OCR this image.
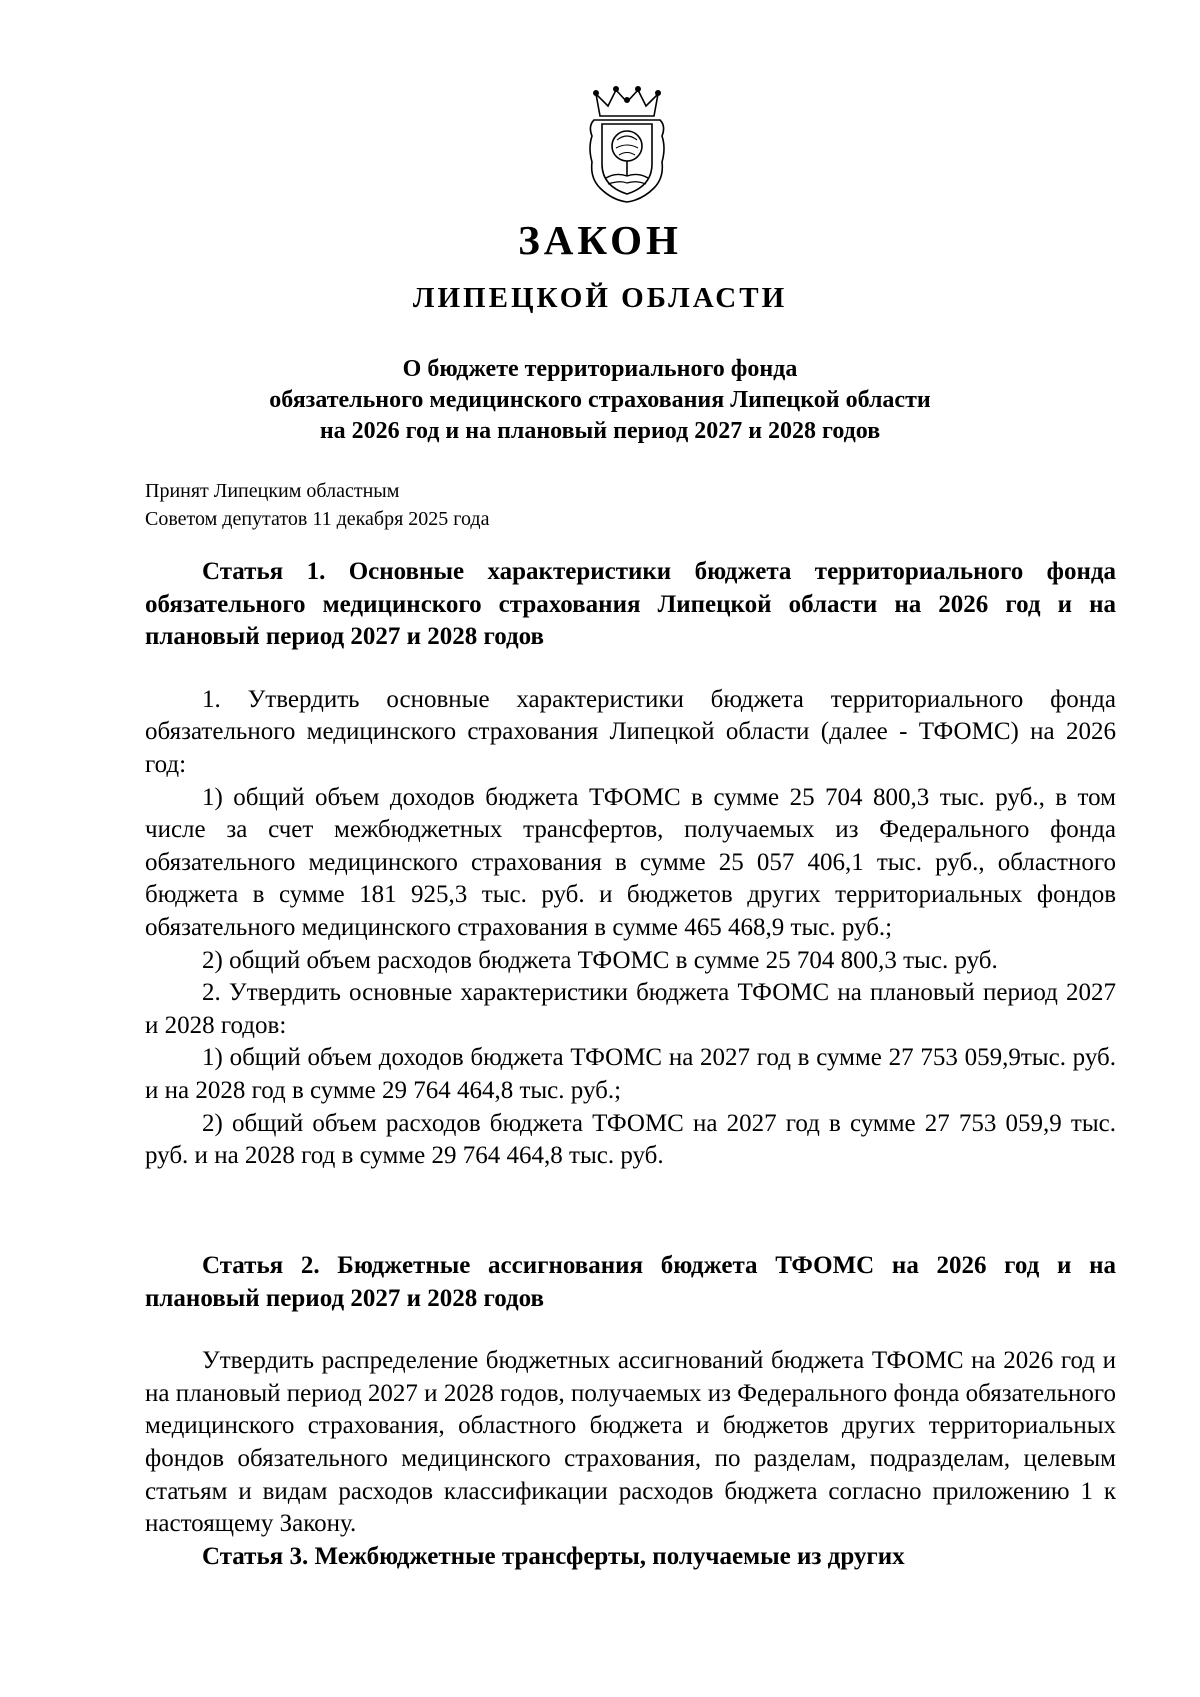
ЗАКОН
ЛИПЕЦКОЙ ОБЛАСТИ
О бюджете территориального фонда
обязательного медицинского страхования Липецкой области
на 2026 год и на плановый период 2027 и 2028 годов
Принят Липецким областным
Советом депутатов 11 декабря 2025 года

Статья 1. Основные характеристики бюджета территориального фонда обязательного медицинского страхования Липецкой области на 2026 год и на плановый период 2027 и 2028 годов

1. Утвердить основные характеристики бюджета территориального фонда обязательного медицинского страхования Липецкой области (далее - ТФОМС) на 2026 год:

1) общий объем доходов бюджета ТФОМС в сумме 25 704 800,3 тыс. руб., в том числе за счет межбюджетных трансфертов, получаемых из Федерального фонда обязательного медицинского страхования в сумме 25 057 406,1 тыс. руб., областного бюджета в сумме 181 925,3 тыс. руб. и бюджетов других территориальных фондов обязательного медицинского страхования в сумме 465 468,9 тыс. руб.;

2) общий объем расходов бюджета ТФОМС в сумме 25 704 800,3 тыс. руб.

2. Утвердить основные характеристики бюджета ТФОМС на плановый период 2027 и 2028 годов:

1) общий объем доходов бюджета ТФОМС на 2027 год в сумме 27 753 059,9тыс. руб. и на 2028 год в сумме 29 764 464,8 тыс. руб.;

2) общий объем расходов бюджета ТФОМС на 2027 год в сумме 27 753 059,9 тыс. руб. и на 2028 год в сумме 29 764 464,8 тыс. руб.

Статья 2. Бюджетные ассигнования бюджета ТФОМС на 2026 год и на плановый период 2027 и 2028 годов

Утвердить распределение бюджетных ассигнований бюджета ТФОМС на 2026 год и на плановый период 2027 и 2028 годов, получаемых из Федерального фонда обязательного медицинского страхования, областного бюджета и бюджетов других территориальных фондов обязательного медицинского страхования, по разделам, подразделам, целевым статьям и видам расходов классификации расходов бюджета согласно приложению 1 к настоящему Закону.

Статья 3. Межбюджетные трансферты, получаемые из других
